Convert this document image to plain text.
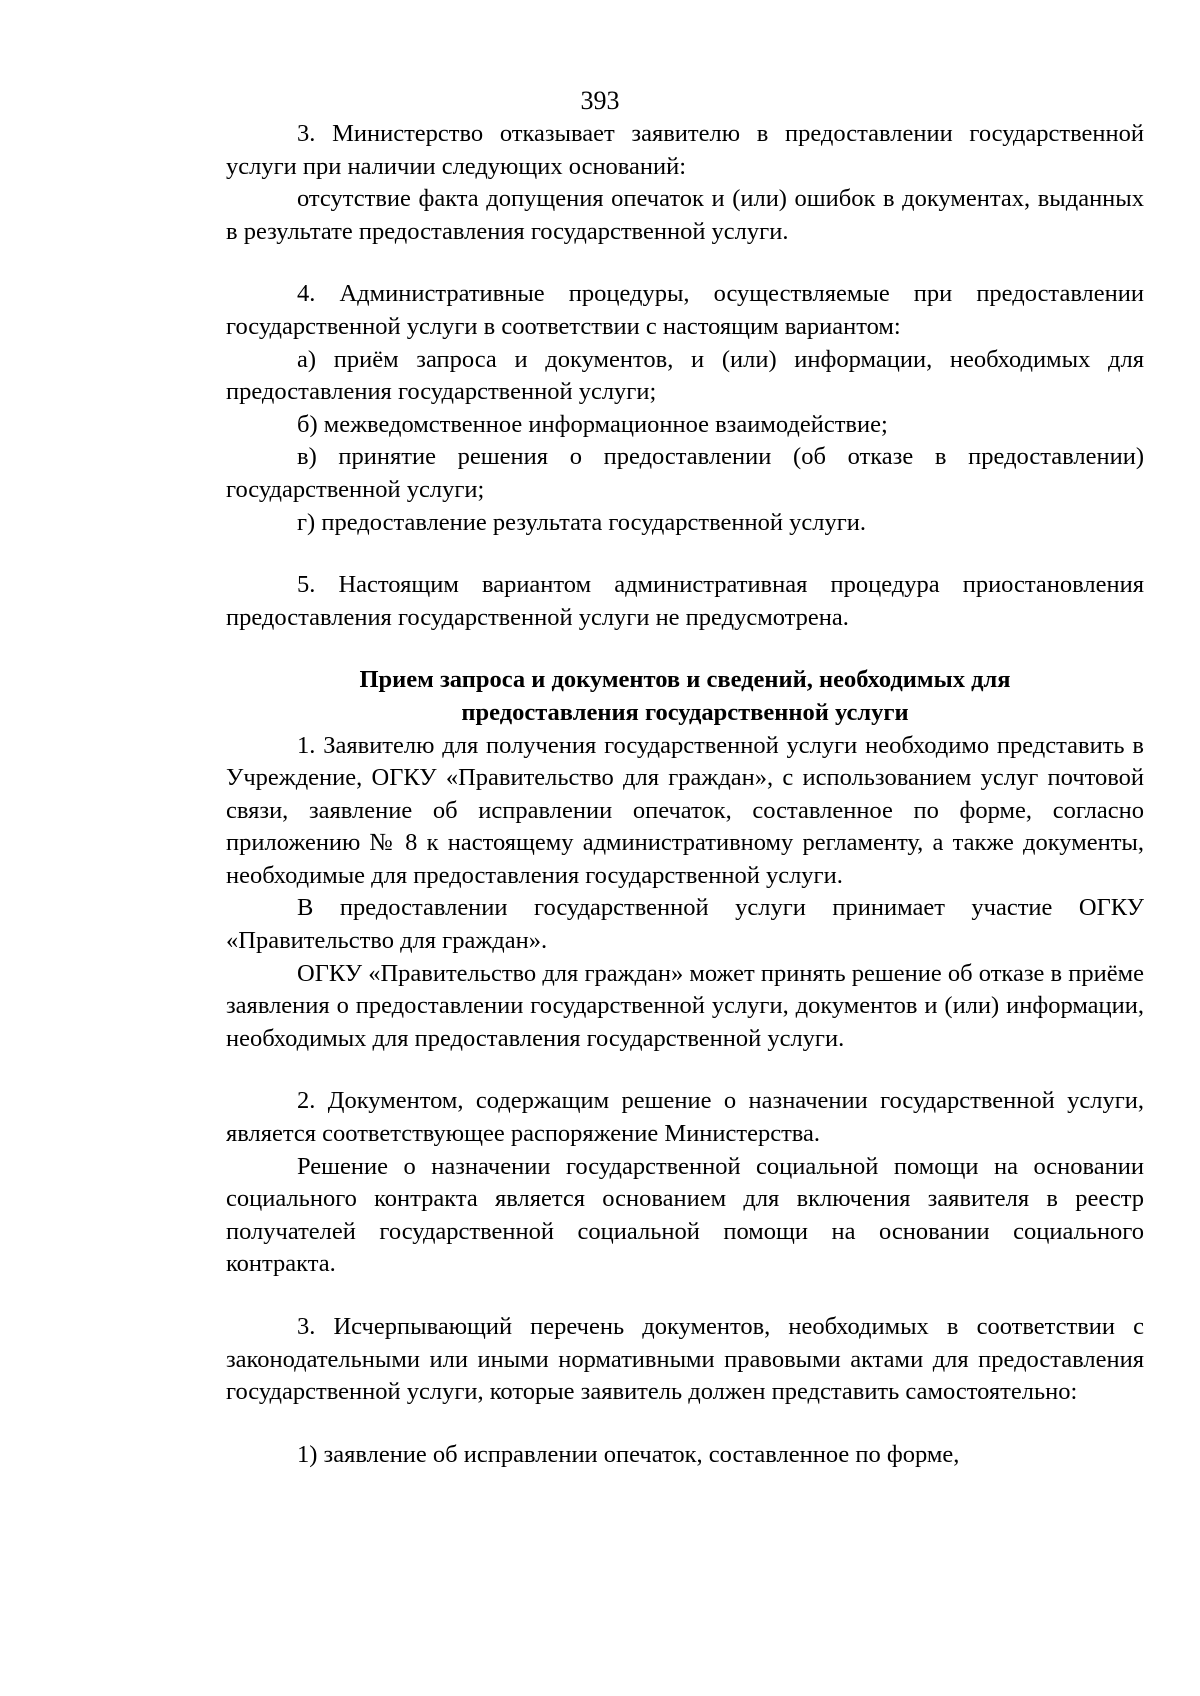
393

3. Министерство отказывает заявителю в предоставлении государственной услуги при наличии следующих оснований:

отсутствие факта допущения опечаток и (или) ошибок в документах, выданных в результате предоставления государственной услуги.

4. Административные процедуры, осуществляемые при предоставлении государственной услуги в соответствии с настоящим вариантом:

а) приём запроса и документов, и (или) информации, необходимых для предоставления государственной услуги;

б) межведомственное информационное взаимодействие;

в) принятие решения о предоставлении (об отказе в предоставлении) государственной услуги;

г) предоставление результата государственной услуги.

5. Настоящим вариантом административная процедура приостановления предоставления государственной услуги не предусмотрена.

Прием запроса и документов и сведений, необходимых для
предоставления государственной услуги

1. Заявителю для получения государственной услуги необходимо представить в Учреждение, ОГКУ «Правительство для граждан», с использованием услуг почтовой связи, заявление об исправлении опечаток, составленное по форме, согласно приложению № 8 к настоящему административному регламенту, а также документы, необходимые для предоставления государственной услуги.

В предоставлении государственной услуги принимает участие ОГКУ «Правительство для граждан».

ОГКУ «Правительство для граждан» может принять решение об отказе в приёме заявления о предоставлении государственной услуги, документов и (или) информации, необходимых для предоставления государственной услуги.

2. Документом, содержащим решение о назначении государственной услуги, является соответствующее распоряжение Министерства.

Решение о назначении государственной социальной помощи на основании социального контракта является основанием для включения заявителя в реестр получателей государственной социальной помощи на основании социального контракта.

3. Исчерпывающий перечень документов, необходимых в соответствии с законодательными или иными нормативными правовыми актами для предоставления государственной услуги, которые заявитель должен представить самостоятельно:

1) заявление об исправлении опечаток, составленное по форме,
